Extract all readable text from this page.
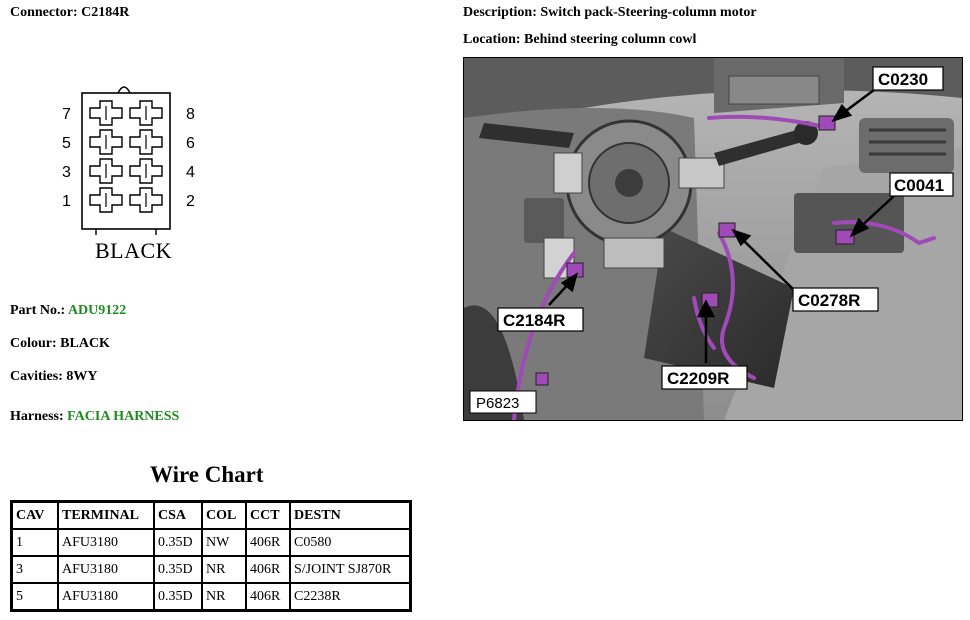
Connector: C2184R	Description: Switch pack-Steering-column motor
Location: Behind steering column cowl
7
5
3
1
8
6
4
2
BLACK
Part No.: ADU9122
Colour: BLACK
Cavities: 8WY
Harness: FACIA HARNESS
Wire Chart
CAV	TERMINAL	CSA	COL	CCT	DESTN
1	AFU3180	0.35D	NW	406R	C0580
3	AFU3180	0.35D	NR	406R	S/JOINT SJ870R
5	AFU3180	0.35D	NR	406R	C2238R
C0230
C0041
C0278R
C2184R
C2209R
P6823
